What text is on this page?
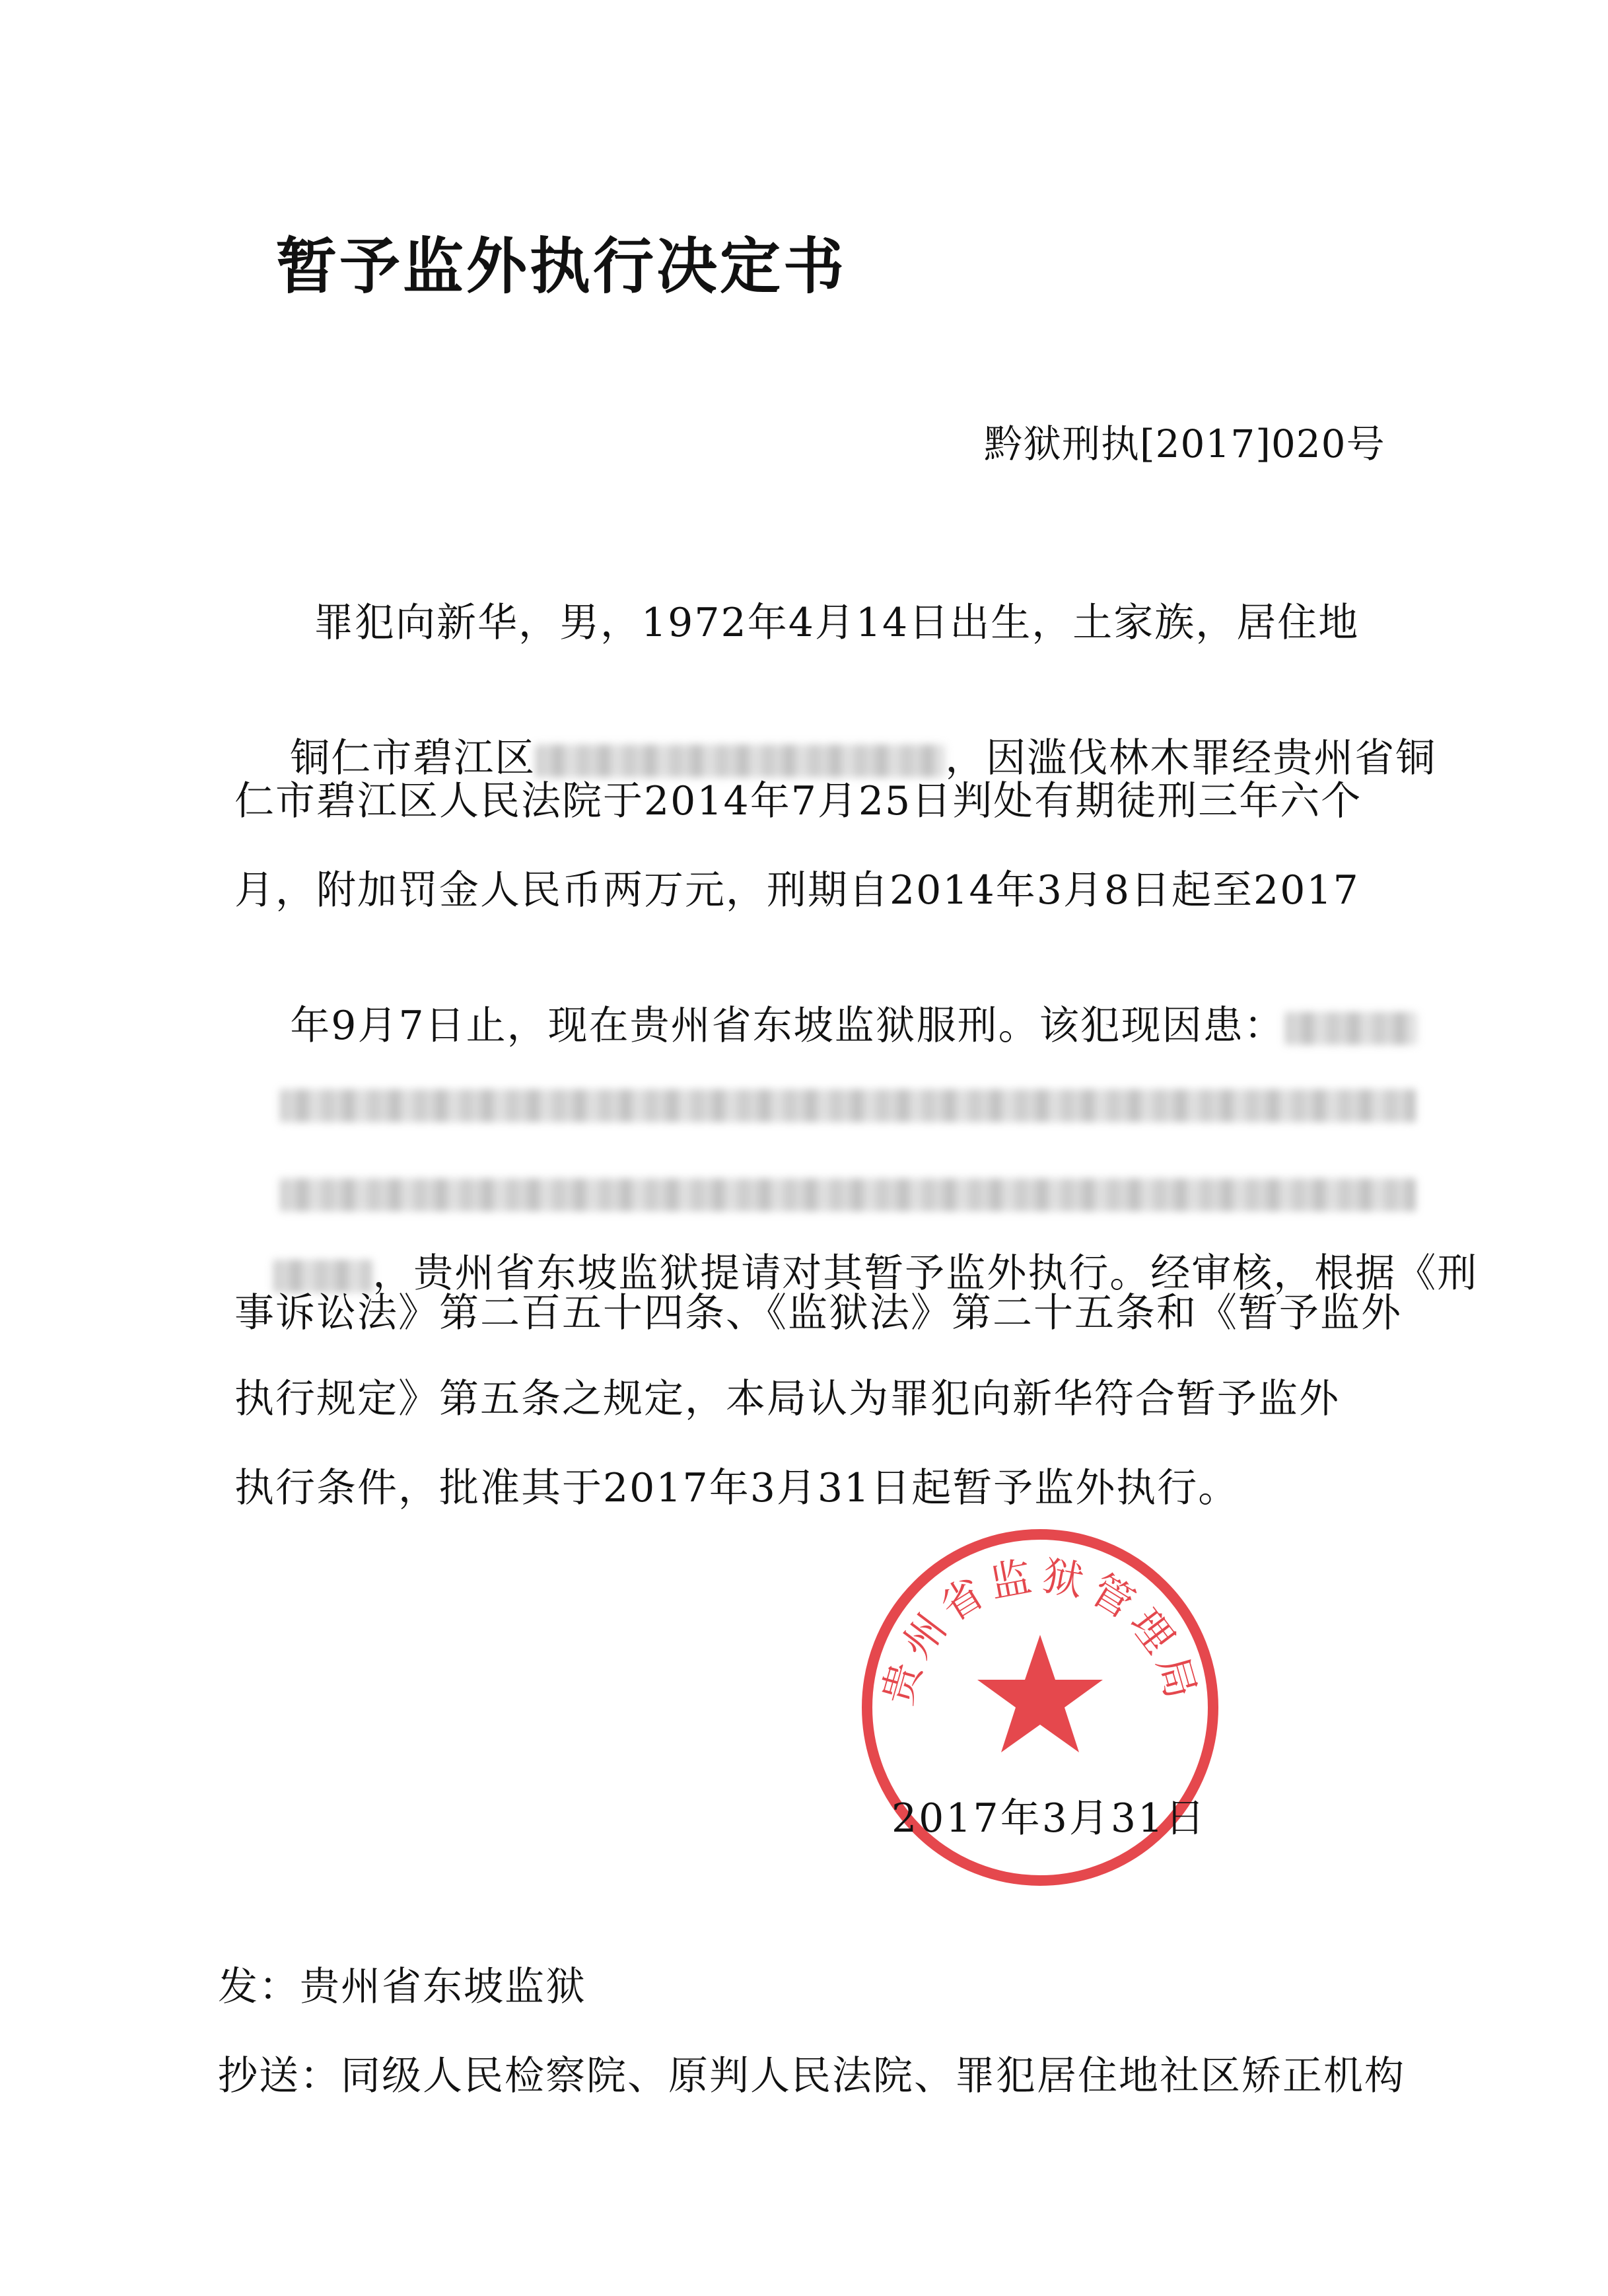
暂予监外执行决定书
黔狱刑执[2017]020号
罪犯向新华，男，1972年4月14日出生，土家族，居住地

铜仁市碧江区	，因滥伐林木罪经贵州省铜

仁市碧江区人民法院于2014年7月25日判处有期徒刑三年六个
月，附加罚金人民币两万元，刑期自2014年3月8日起至2017

年9月7日止，现在贵州省东坡监狱服刑。该犯现因患：

，贵州省东坡监狱提请对其暂予监外执行。经审核，根据《刑

事诉讼法》第二百五十四条、《监狱法》第二十五条和《暂予监外
执行规定》第五条之规定，本局认为罪犯向新华符合暂予监外
执行条件，批准其于2017年3月31日起暂予监外执行。
贵州省监狱管理局
2017年3月31日
发：贵州省东坡监狱
抄送：同级人民检察院、原判人民法院、罪犯居住地社区矫正机构
